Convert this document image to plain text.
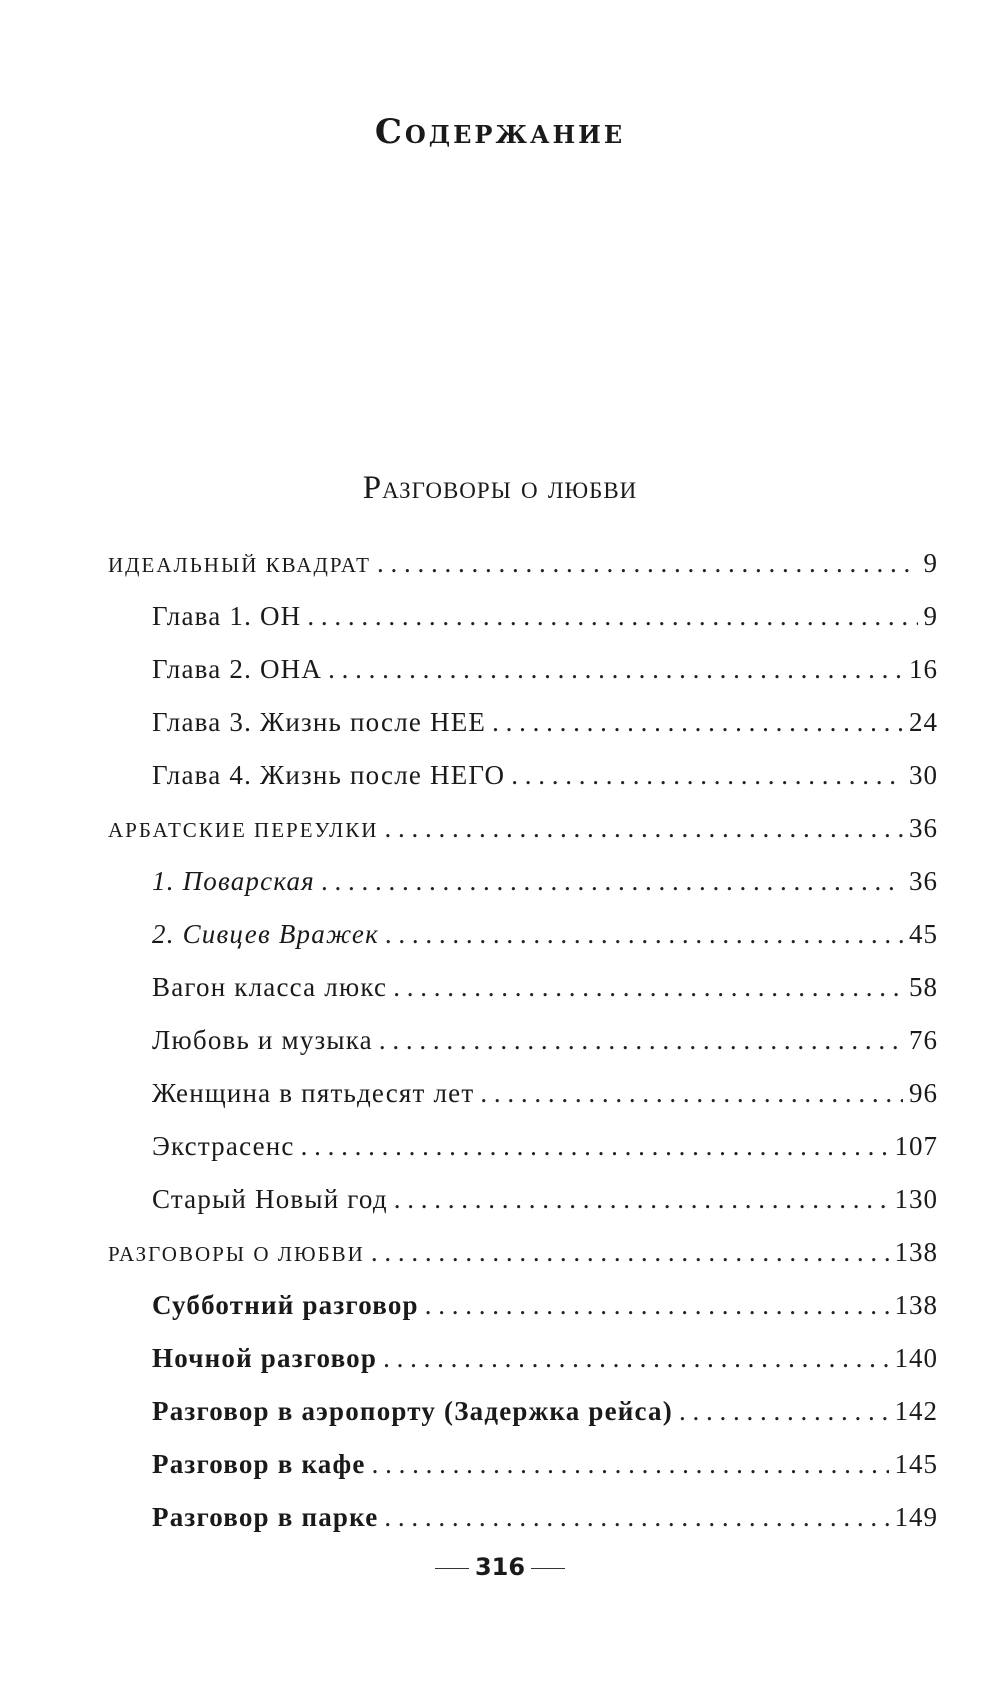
Содержание
Разговоры о любви
ИДЕАЛЬНЫЙ КВАДРАТ . . .	9
Глава 1. ОН . . .	9
Глава 2. ОНА . . .	16
Глава 3. Жизнь после НЕЕ . . .	24
Глава 4. Жизнь после НЕГО . . .	30
АРБАТСКИЕ ПЕРЕУЛКИ . . .	36
1. Поварская . . .	36
2. Сивцев Вражек . . .	45
Вагон класса люкс . . .	58
Любовь и музыка . . .	76
Женщина в пятьдесят лет . . .	96
Экстрасенс . . .	107
Старый Новый год . . .	130
РАЗГОВОРЫ О ЛЮБВИ . . .	138
Субботний разговор . . .	138
Ночной разговор . . .	140
Разговор в аэропорту (Задержка рейса) . . .	142
Разговор в кафе . . .	145
Разговор в парке . . .	149
316
